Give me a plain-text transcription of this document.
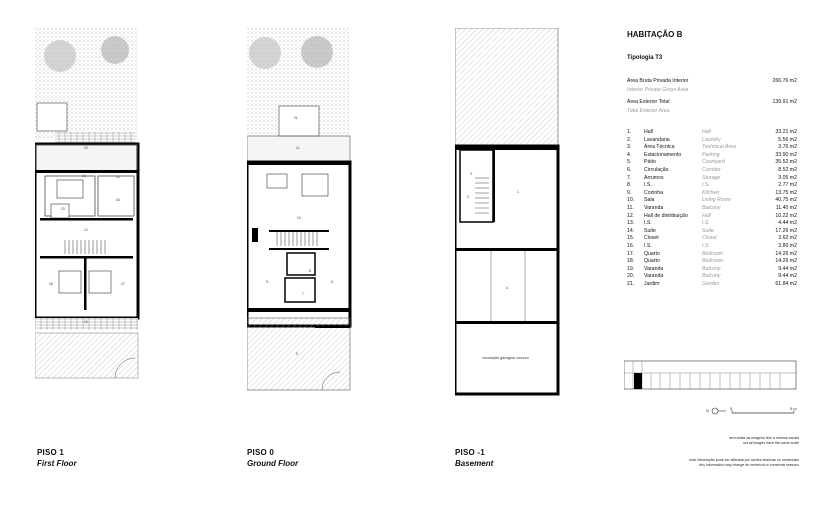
20.
14.	15.
16.
13.
12.
18.	17.
19.
21.
11.
10.
9.
8.
7.
6.
5.
3.
2.
1.
4.
circulação garagem comum
PISO 1
First Floor
PISO 0
Ground Floor
PISO -1
Basement
HABITAÇÃO B
Tipologia T3
Área Bruta Privada Interior	266.76 m2
Interior Private Gross Area
Área Exterior Total	139.91 m2
Total Exterior Area
1.	Hall	Hall	33.21 m2
2.	Lavandaria	Laundry	5.56 m2
3.	Área Técnica	Technical Area	3.76 m2
4.	Estacionamento	Parking	33.90 m2
5.	Pátio	Courtyard	35.52 m2
6.	Circulação	Corridor	8.52 m2
7.	Arrumos	Storage	3.05 m2
8.	I.S.	I.S.	2.77 m2
9.	Cozinha	Kitchen	13.75 m2
10.	Sala	Living Room	40.75 m2
11.	Varanda	Balcony	11.40 m2
12.	Hall de distribuição	Hall	10.22 m2
13.	I.S.	I.S.	4.44 m2
14.	Suite	Suite	17.26 m2
15.	Closet	Closet	3.62 m2
16.	I.S.	I.S.	3.80 m2
17.	Quarto	Bedroom	14.26 m2
18.	Quarto	Bedroom	14.26 m2
19.	Varanda	Balcony	9.44 m2
20.	Varanda	Balcony	9.44 m2
21.	Jardim	Garden	61.84 m2
N	0	5 m
nem todas as imagens têm a mesma escala
not all images have the same scale
esta informação pode ser alterada por razões técnicas ou comerciais
this information may change for technical or comercial reasons
